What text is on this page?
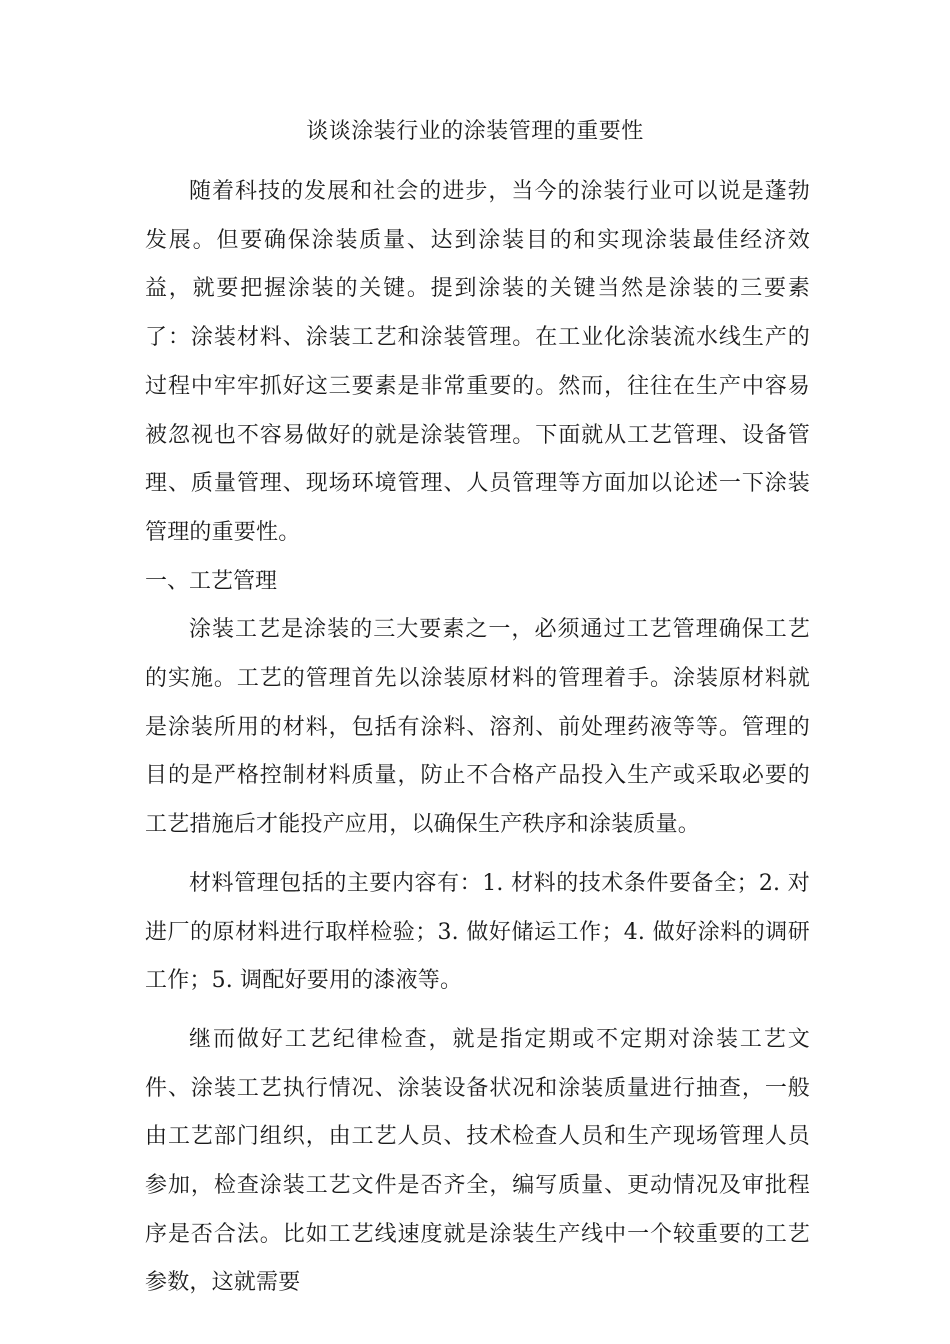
谈谈涂装行业的涂装管理的重要性

随着科技的发展和社会的进步，当今的涂装行业可以说是蓬勃发展。但要确保涂装质量、达到涂装目的和实现涂装最佳经济效益，就要把握涂装的关键。提到涂装的关键当然是涂装的三要素了：涂装材料、涂装工艺和涂装管理。在工业化涂装流水线生产的过程中牢牢抓好这三要素是非常重要的。然而，往往在生产中容易被忽视也不容易做好的就是涂装管理。下面就从工艺管理、设备管理、质量管理、现场环境管理、人员管理等方面加以论述一下涂装管理的重要性。

一、工艺管理

涂装工艺是涂装的三大要素之一，必须通过工艺管理确保工艺的实施。工艺的管理首先以涂装原材料的管理着手。涂装原材料就是涂装所用的材料，包括有涂料、溶剂、前处理药液等等。管理的目的是严格控制材料质量，防止不合格产品投入生产或采取必要的工艺措施后才能投产应用，以确保生产秩序和涂装质量。

材料管理包括的主要内容有：1. 材料的技术条件要备全；2. 对进厂的原材料进行取样检验；3. 做好储运工作；4. 做好涂料的调研工作；5. 调配好要用的漆液等。

继而做好工艺纪律检查，就是指定期或不定期对涂装工艺文件、涂装工艺执行情况、涂装设备状况和涂装质量进行抽查，一般由工艺部门组织，由工艺人员、技术检查人员和生产现场管理人员参加，检查涂装工艺文件是否齐全，编写质量、更动情况及审批程序是否合法。比如工艺线速度就是涂装生产线中一个较重要的工艺参数，这就需要
